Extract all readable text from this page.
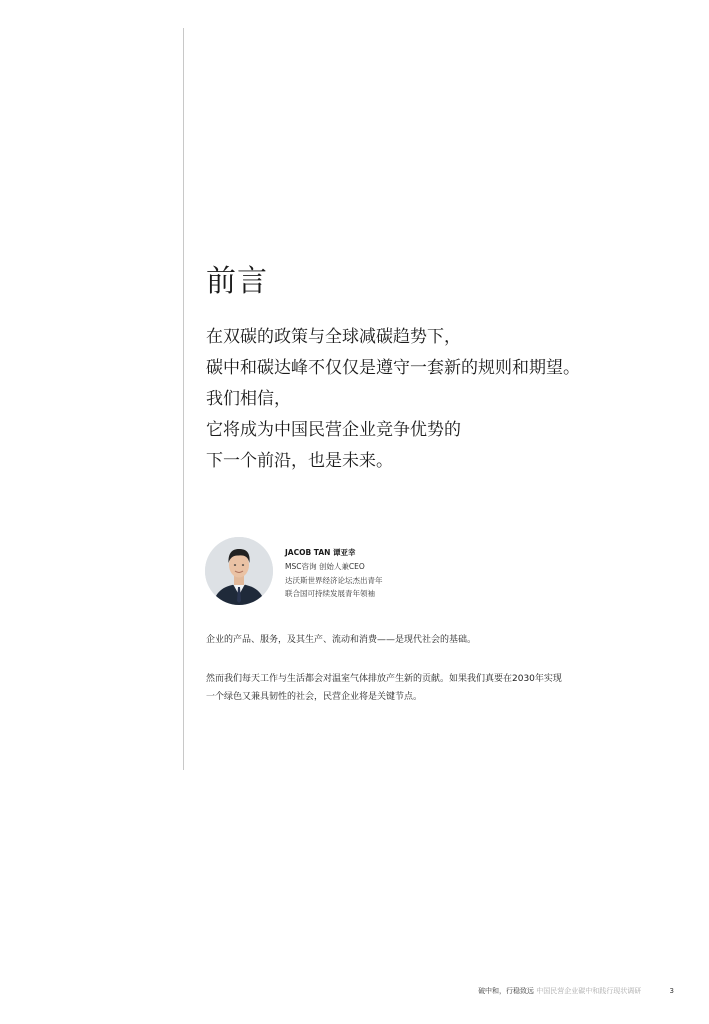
前言
在双碳的政策与全球减碳趋势下，
碳中和碳达峰不仅仅是遵守一套新的规则和期望。
我们相信，
它将成为中国民营企业竞争优势的
下一个前沿，也是未来。
JACOB TAN 谭亚幸
MSC咨询 创始人兼CEO
达沃斯世界经济论坛杰出青年
联合国可持续发展青年领袖

企业的产品、服务，及其生产、流动和消费——是现代社会的基础。

然而我们每天工作与生活都会对温室气体排放产生新的贡献。如果我们真要在2030年实现
一个绿色又兼具韧性的社会，民营企业将是关键节点。

破中和，行稳致远 中国民营企业碳中和践行现状调研	3
